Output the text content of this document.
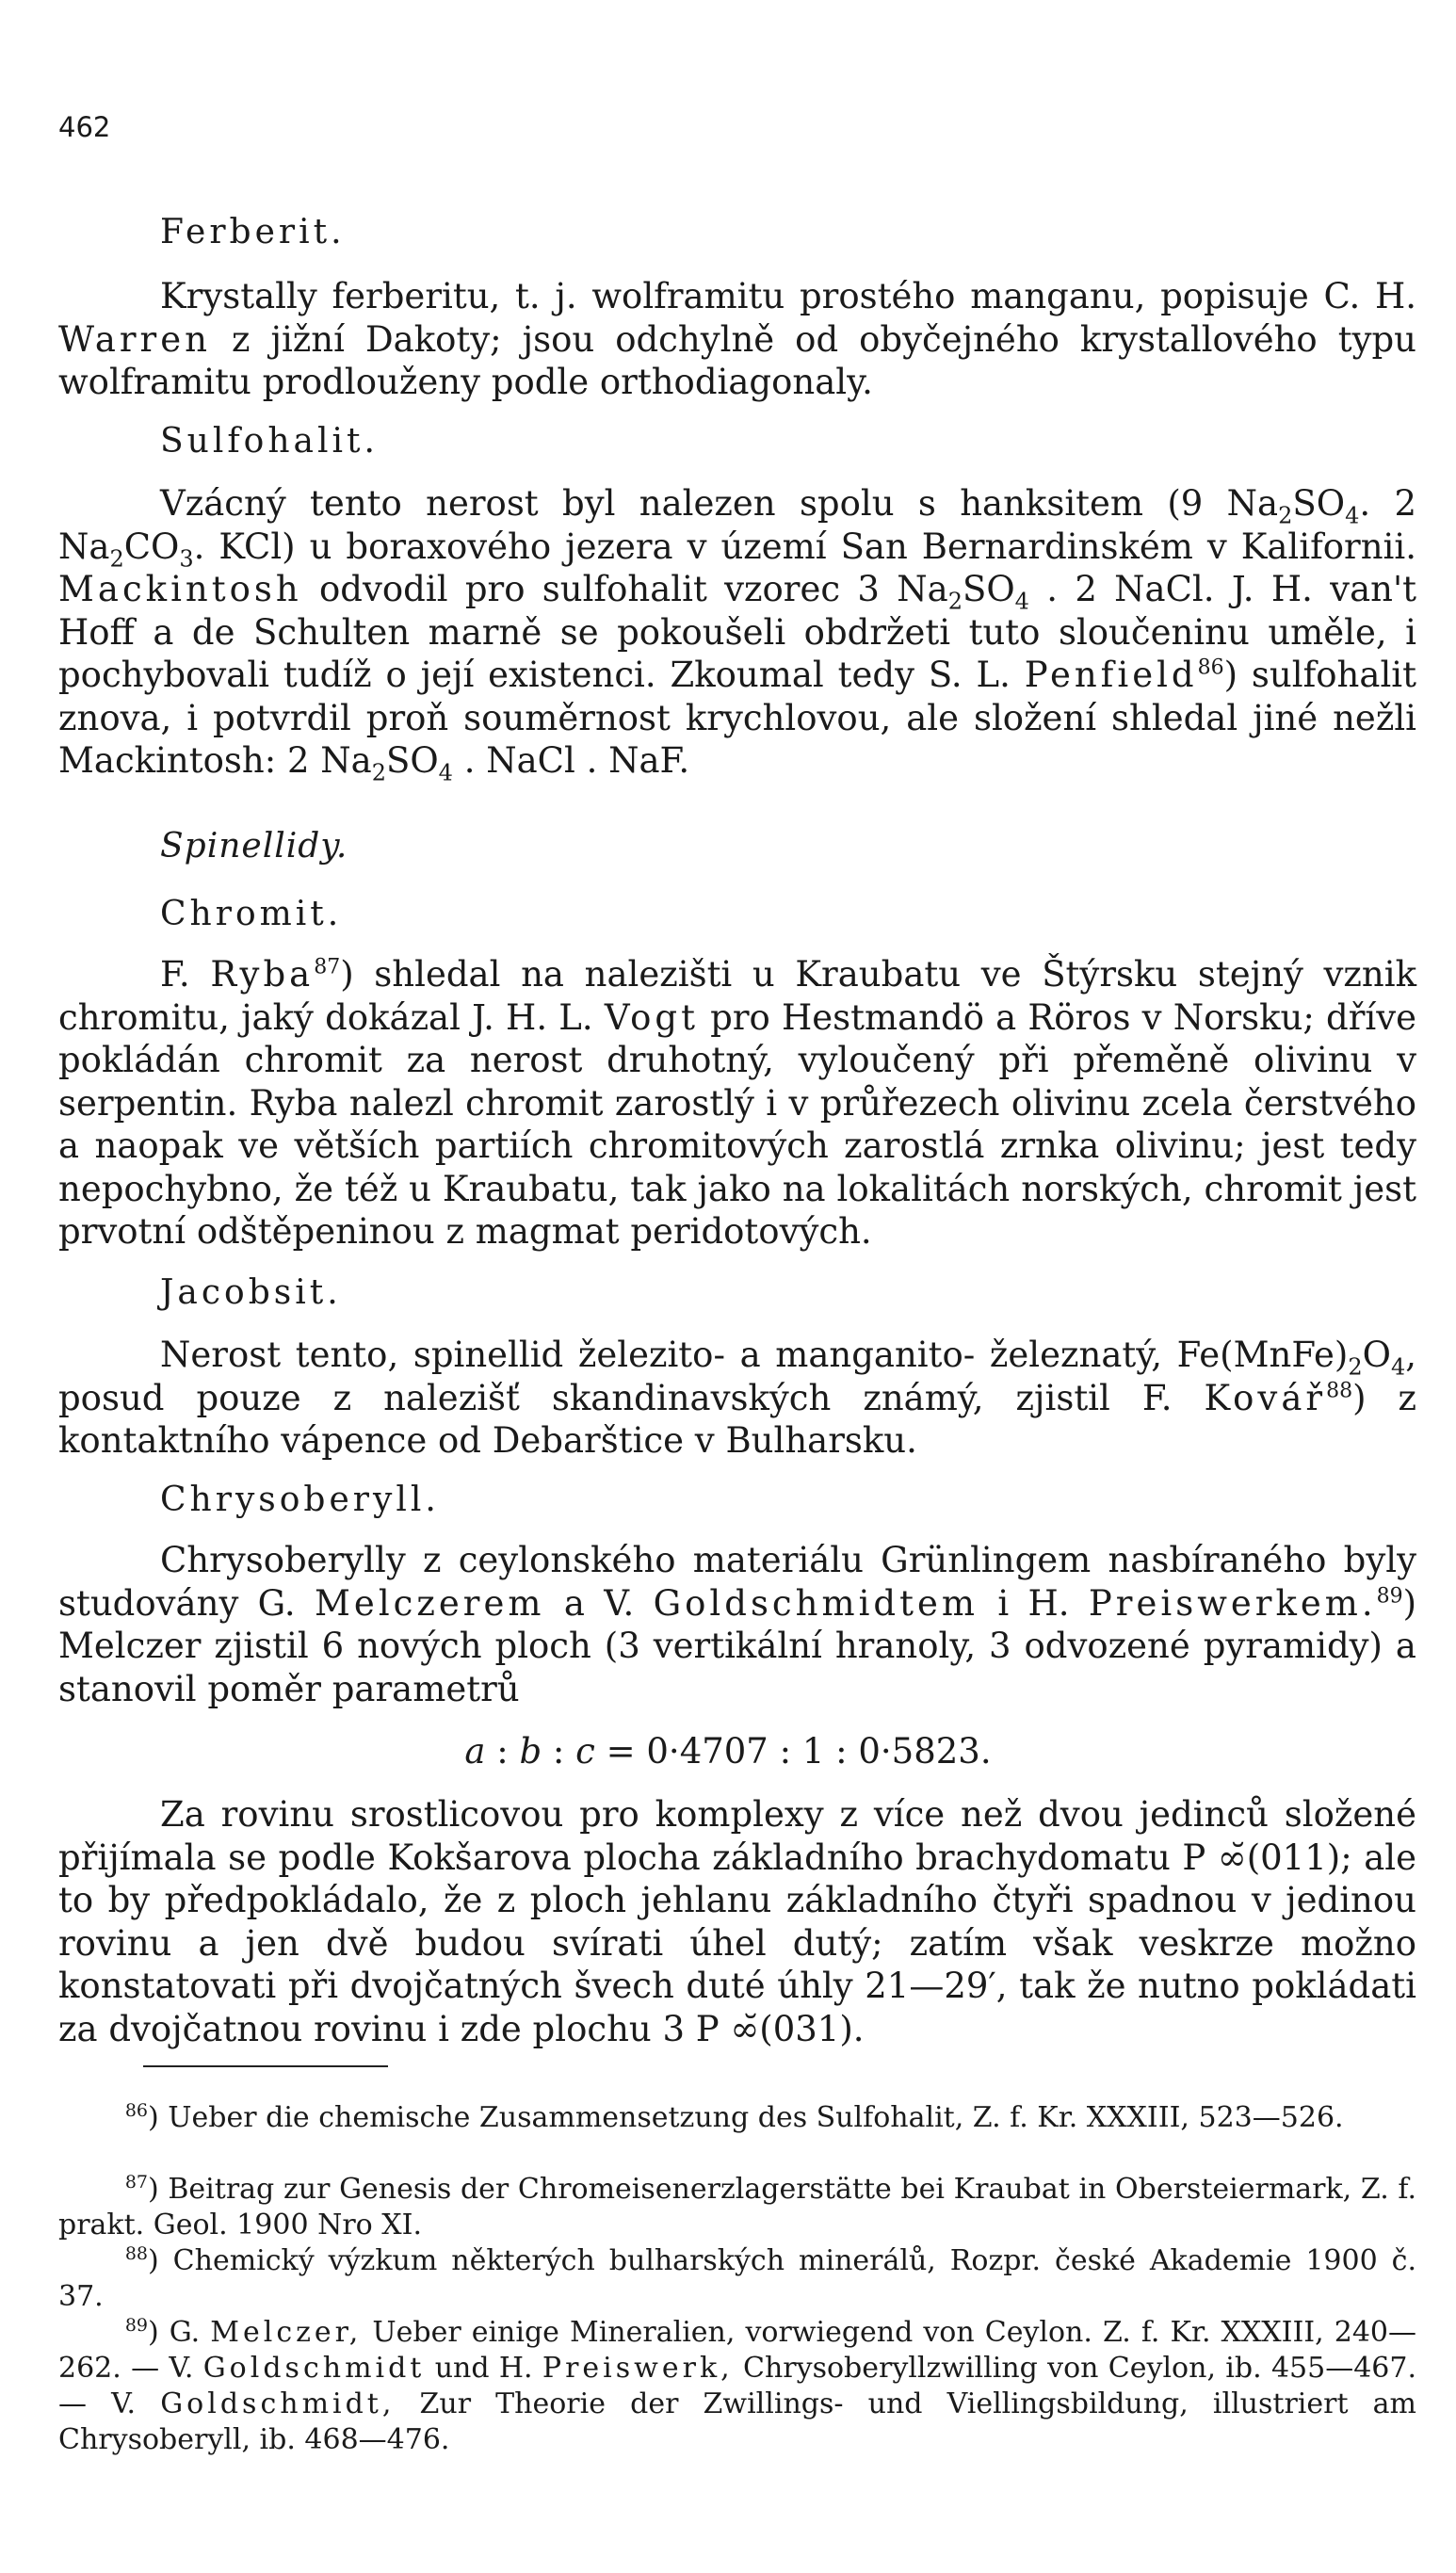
462
Ferberit.

Krystally ferberitu, t. j. wolframitu prostého manganu, popisuje C. H. Warren z jižní Dakoty; jsou odchylně od obyčejného krystallového typu wolframitu prodlouženy podle orthodiagonaly.

Sulfohalit.

Vzácný tento nerost byl nalezen spolu s hanksitem (9 $Na_2SO_4$. 2 $Na_2CO_3$. KCl) u boraxového jezera v území San Bernardinském v Kalifornii. Mackintosh odvodil pro sulfohalit vzorec 3 $Na_2SO_4$ . 2 NaCl. J. H. van't Hoff a de Schulten marně se pokoušeli obdržeti tuto sloučeninu uměle, i pochybovali tudíž o její existenci. Zkoumal tedy S. L. Penfield$^{86}$) sulfohalit znova, i potvrdil proň souměrnost krychlovou, ale složení shledal jiné nežli Mackintosh: 2 $Na_2SO_4$ . NaCl . NaF.

Spinellidy.
Chromit.

F. Ryba$^{87}$) shledal na nalezišti u Kraubatu ve Štýrsku stejný vznik chromitu, jaký dokázal J. H. L. Vogt pro Hestmandö a Röros v Norsku; dříve pokládán chromit za nerost druhotný, vyloučený při přeměně olivinu v serpentin. Ryba nalezl chromit zarostlý i v průřezech olivinu zcela čerstvého a naopak ve větších partiích chromitových zarostlá zrnka olivinu; jest tedy nepochybno, že též u Kraubatu, tak jako na lokalitách norských, chromit jest prvotní odštěpeninou z magmat peridotových.

Jacobsit.

Nerost tento, spinellid železito- a manganito- železnatý, $Fe(MnFe)_2O_4$, posud pouze z nalezišť skandinavských známý, zjistil F. Kovář$^{88}$) z kontaktního vápence od Debarštice v Bulharsku.

Chrysoberyll.

Chrysoberylly z ceylonského materiálu Grünlingem nasbíraného byly studovány G. Melczerem a V. Goldschmidtem i H. Preiswerkem.$^{89}$) Melczer zjistil 6 nových ploch (3 vertikální hranoly, 3 odvozené pyramidy) a stanovil poměr parametrů

a : b : c = 0·4707 : 1 : 0·5823.

Za rovinu srostlicovou pro komplexy z více než dvou jedinců složené přijímala se podle Kokšarova plocha základního brachydomatu P ∞̆(011); ale to by předpokládalo, že z ploch jehlanu základního čtyři spadnou v jedinou rovinu a jen dvě budou svírati úhel dutý; zatím však veskrze možno konstatovati při dvojčatných švech duté úhly 21—29′, tak že nutno pokládati za dvojčatnou rovinu i zde plochu 3 P ∞̆(031).

$^{86}$) Ueber die chemische Zusammensetzung des Sulfohalit, Z. f. Kr. XXXIII, 523—526.

$^{87}$) Beitrag zur Genesis der Chromeisenerzlagerstätte bei Kraubat in Obersteiermark, Z. f. prakt. Geol. 1900 Nro XI.

$^{88}$) Chemický výzkum některých bulharských minerálů, Rozpr. české Akademie 1900 č. 37.

$^{89}$) G. Melczer, Ueber einige Mineralien, vorwiegend von Ceylon. Z. f. Kr. XXXIII, 240—262. — V. Goldschmidt und H. Preiswerk, Chrysoberyllzwilling von Ceylon, ib. 455—467. — V. Goldschmidt, Zur Theorie der Zwillings- und Viellingsbildung, illustriert am Chrysoberyll, ib. 468—476.
